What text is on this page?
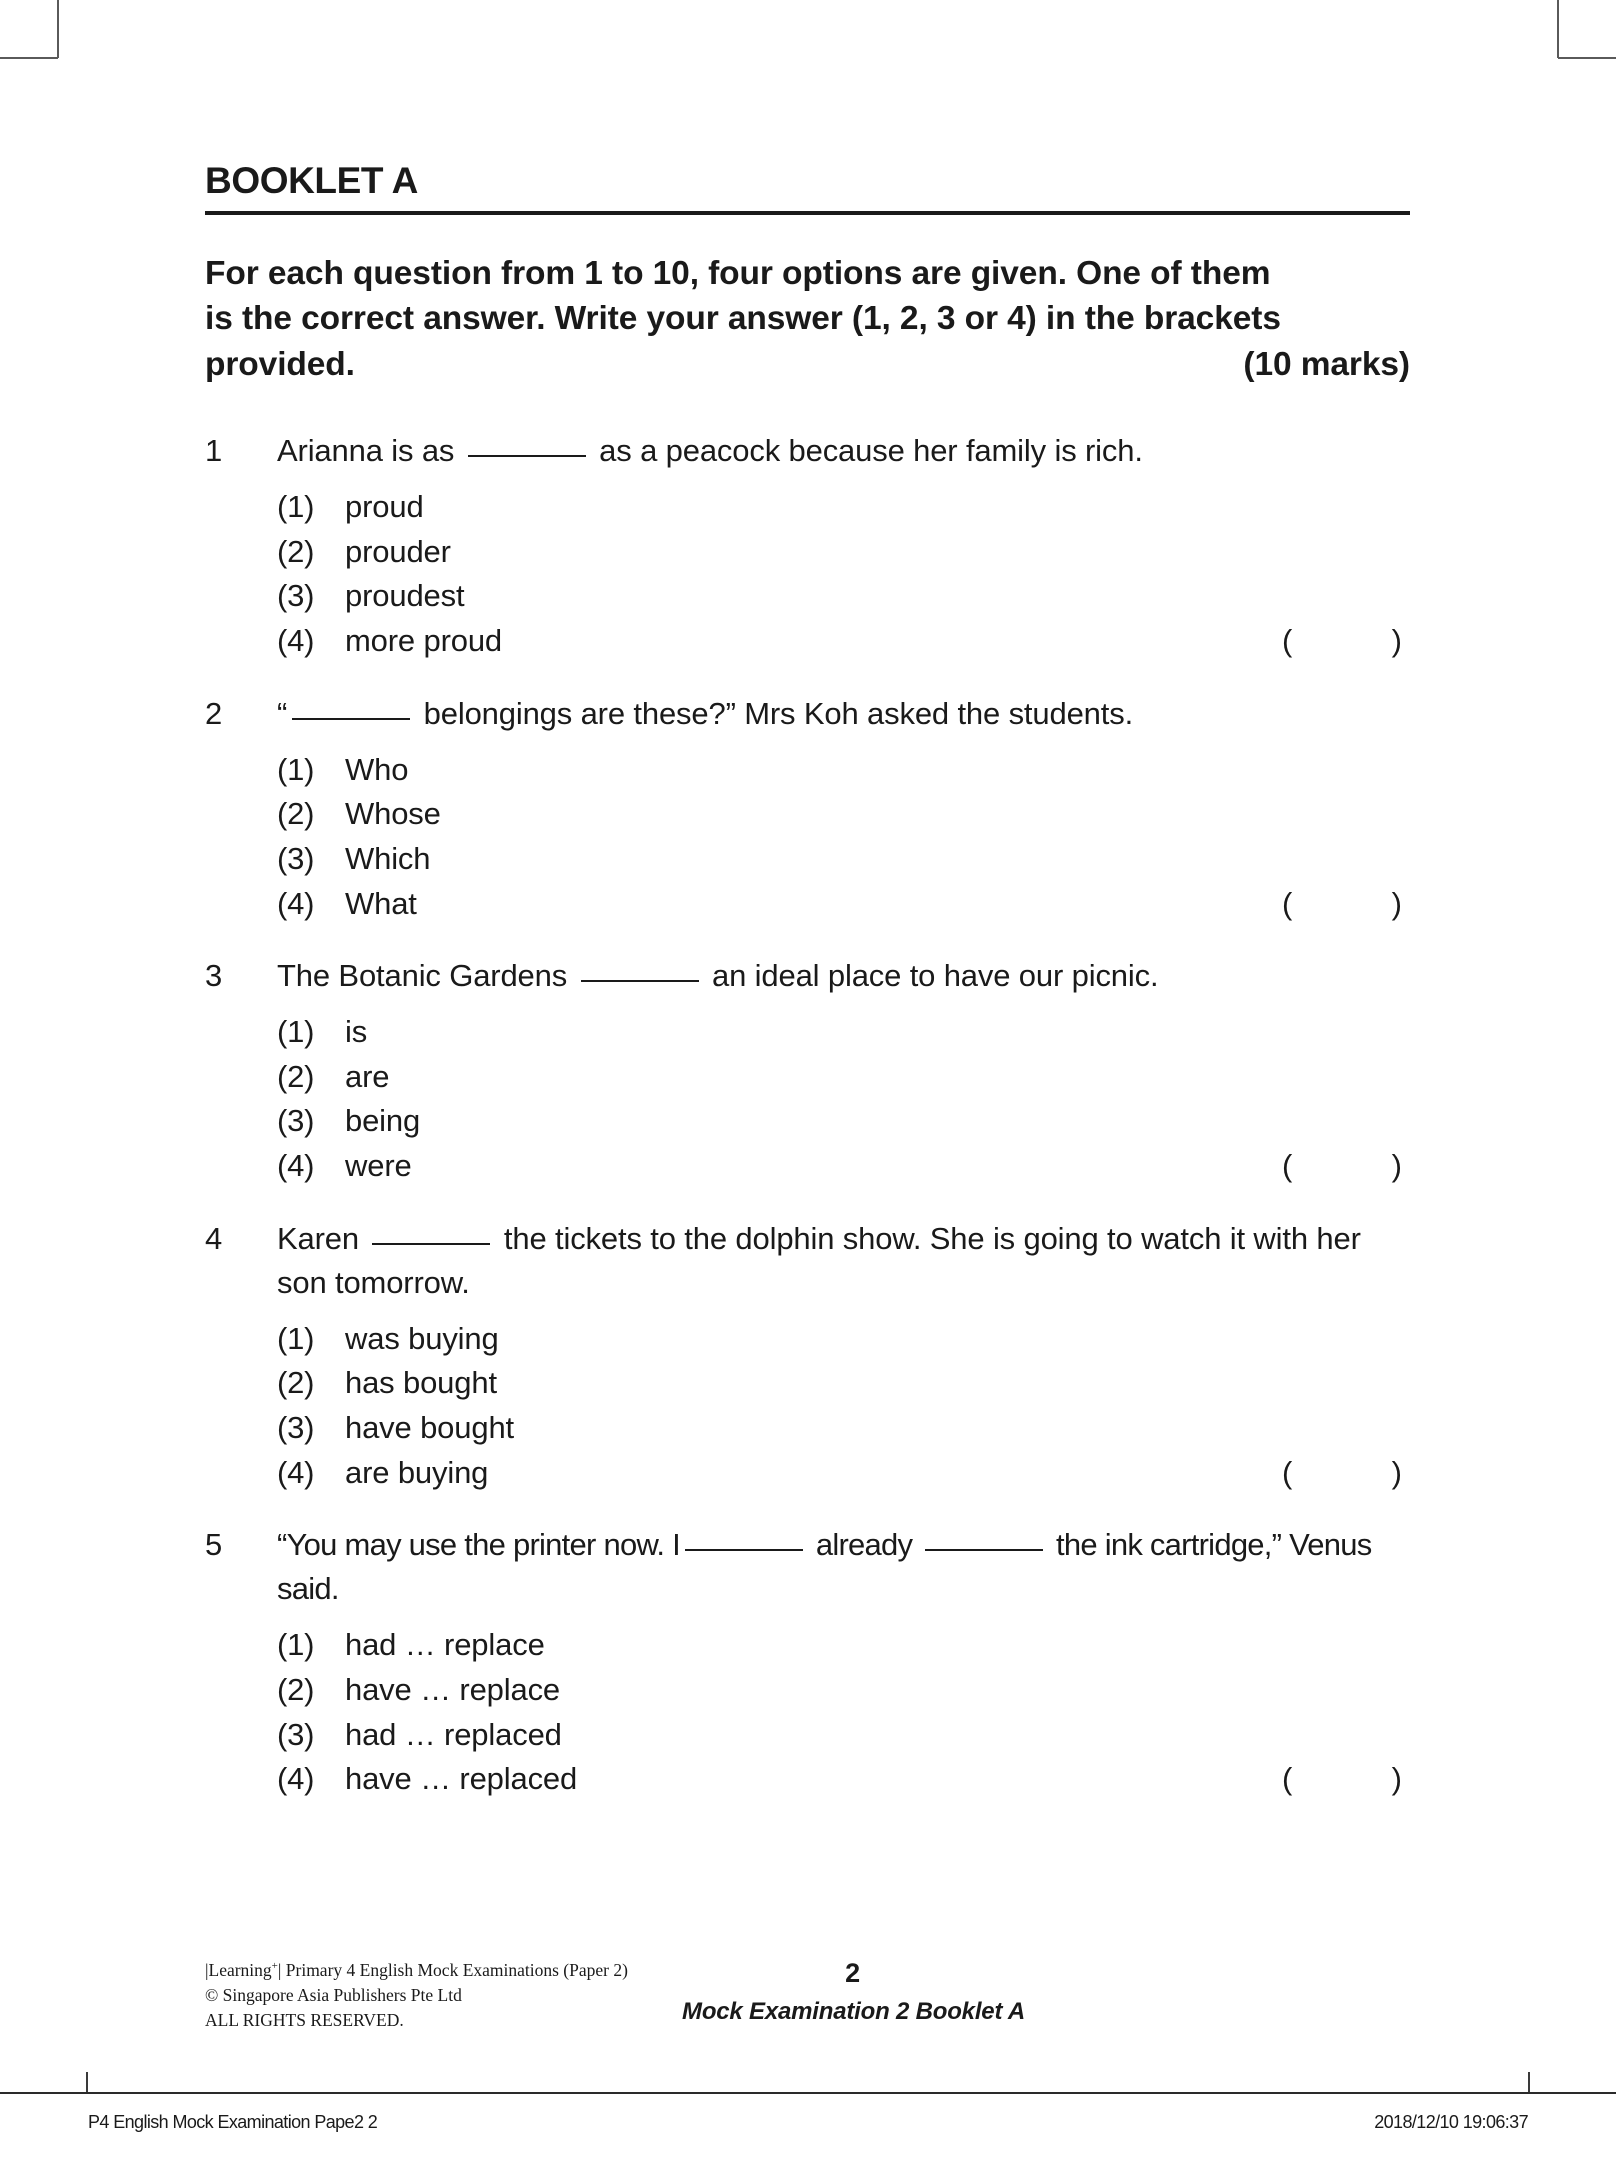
BOOKLET A
For each question from 1 to 10, four options are given. One of them
is the correct answer. Write your answer (1, 2, 3 or 4) in the brackets
provided.	(10 marks)
1	Arianna is as	as a peacock because her family is rich.
(1) proud
(2) prouder
(3) proudest
(4) more proud	(	)
2	“	belongings are these?” Mrs Koh asked the students.
(1) Who
(2) Whose
(3) Which
(4) What	(	)
3	The Botanic Gardens	an ideal place to have our picnic.
(1) is
(2) are
(3) being
(4) were	(	)
4	Karen	the tickets to the dolphin show. She is going to watch it with her son tomorrow.
(1) was buying
(2) has bought
(3) have bought
(4) are buying	(	)
5	“You may use the printer now. I	already	the ink cartridge,” Venus said.
(1) had … replace
(2) have … replace
(3) had … replaced
(4) have … replaced	(	)
|Learning+| Primary 4 English Mock Examinations (Paper 2)
© Singapore Asia Publishers Pte Ltd
ALL RIGHTS RESERVED.
2
Mock Examination 2 Booklet A
P4 English Mock Examination Pape2 2	2018/12/10 19:06:37
